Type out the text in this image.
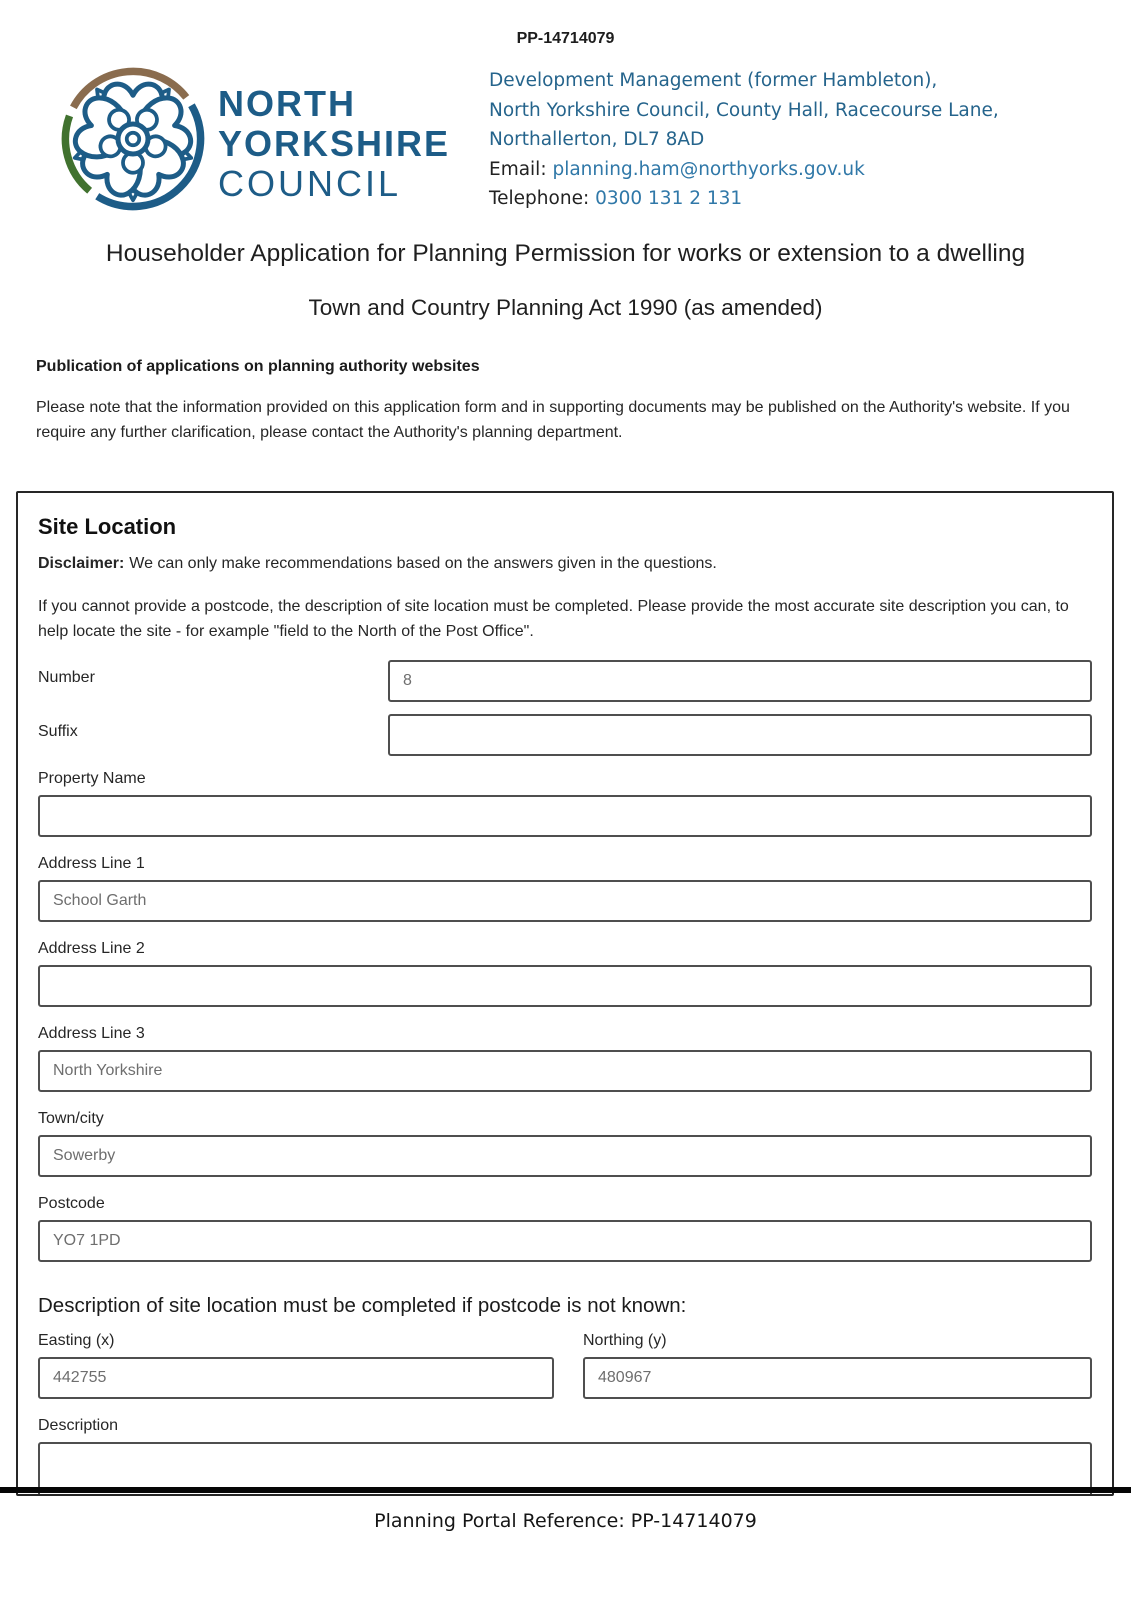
PP-14714079
NORTH
YORKSHIRE
COUNCIL
Development Management (former Hambleton),
North Yorkshire Council, County Hall, Racecourse Lane,
Northallerton, DL7 8AD
Email: planning.ham@northyorks.gov.uk
Telephone: 0300 131 2 131
Householder Application for Planning Permission for works or extension to a dwelling
Town and Country Planning Act 1990 (as amended)
Publication of applications on planning authority websites
Please note that the information provided on this application form and in supporting documents may be published on the Authority's website. If you require any further clarification, please contact the Authority's planning department.
Site Location
Disclaimer: We can only make recommendations based on the answers given in the questions.
If you cannot provide a postcode, the description of site location must be completed. Please provide the most accurate site description you can, to help locate the site - for example "field to the North of the Post Office".
Number
8
Suffix
Property Name
Address Line 1
School Garth
Address Line 2
Address Line 3
North Yorkshire
Town/city
Sowerby
Postcode
YO7 1PD
Description of site location must be completed if postcode is not known:
Easting (x)
442755	Northing (y)
480967
Description
Planning Portal Reference: PP-14714079
